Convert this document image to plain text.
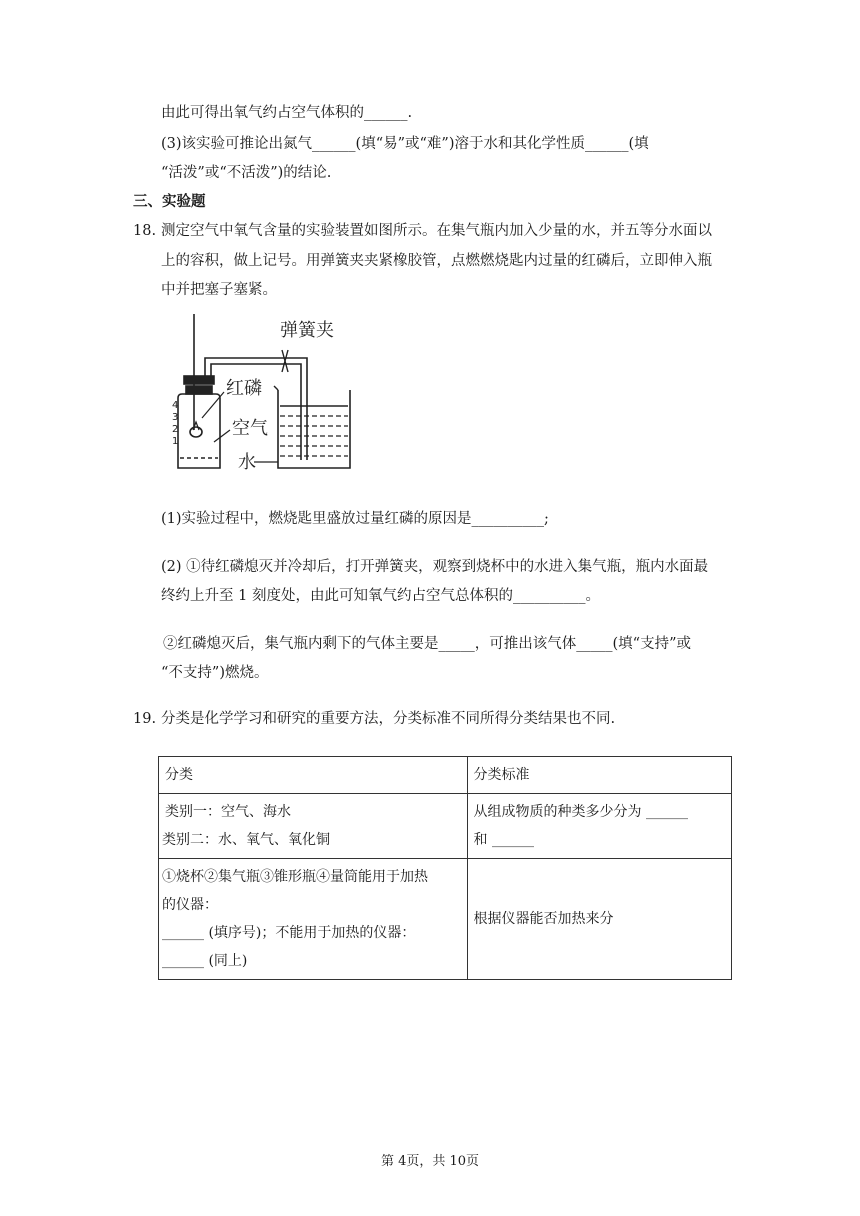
由此可得出氧气约占空气体积的______.
(3)该实验可推论出氮气______(填“易”或“难”)溶于水和其化学性质______(填
“活泼”或“不活泼”)的结论.
三、实验题
18. 测定空气中氧气含量的实验装置如图所示。在集气瓶内加入少量的水，并五等分水面以
上的容积，做上记号。用弹簧夹夹紧橡胶管，点燃燃烧匙内过量的红磷后，立即伸入瓶
中并把塞子塞紧。
弹簧夹
红磷
空气
水
4
3
2
1
(1)实验过程中，燃烧匙里盛放过量红磷的原因是__________;
(2) ①待红磷熄灭并冷却后，打开弹簧夹，观察到烧杯中的水进入集气瓶，瓶内水面最
终约上升至 1 刻度处，由此可知氧气约占空气总体积的__________。
②红磷熄灭后，集气瓶内剩下的气体主要是_____，可推出该气体_____(填“支持”或
“不支持”)燃烧。
19. 分类是化学学习和研究的重要方法，分类标准不同所得分类结果也不同.
分类	分类标准

类别一：空气、海水
类别二：水、氧气、氧化铜	从组成物质的种类多少分为 ______
和 ______

①烧杯②集气瓶③锥形瓶④量筒能用于加热
的仪器：
______ (填序号)；不能用于加热的仪器：
______ (同上)	根据仪器能否加热来分
第 4页，共 10页
